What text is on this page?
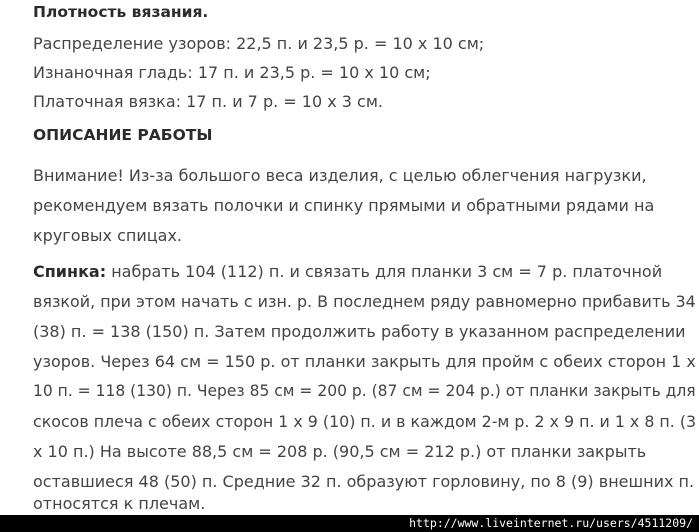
Плотность вязания.
Распределение узоров: 22,5 п. и 23,5 р. = 10 х 10 см;
Изнаночная гладь: 17 п. и 23,5 р. = 10 х 10 см;
Платочная вязка: 17 п. и 7 р. = 10 х 3 см.
ОПИСАНИЕ РАБОТЫ
Внимание! Из-за большого веса изделия, с целью облегчения нагрузки,
рекомендуем вязать полочки и спинку прямыми и обратными рядами на
круговых спицах.
Спинка: набрать 104 (112) п. и связать для планки 3 см = 7 р. платочной
вязкой, при этом начать с изн. р. В последнем ряду равномерно прибавить 34
(38) п. = 138 (150) п. Затем продолжить работу в указанном распределении
узоров. Через 64 см = 150 р. от планки закрыть для пройм с обеих сторон 1 х
10 п. = 118 (130) п. Через 85 см = 200 р. (87 см = 204 р.) от планки закрыть для
скосов плеча с обеих сторон 1 х 9 (10) п. и в каждом 2-м р. 2 х 9 п. и 1 х 8 п. (3
х 10 п.) На высоте 88,5 см = 208 р. (90,5 см = 212 р.) от планки закрыть
оставшиеся 48 (50) п. Средние 32 п. образуют горловину, по 8 (9) внешних п.
относятся к плечам.
http://www.liveinternet.ru/users/4511209/
